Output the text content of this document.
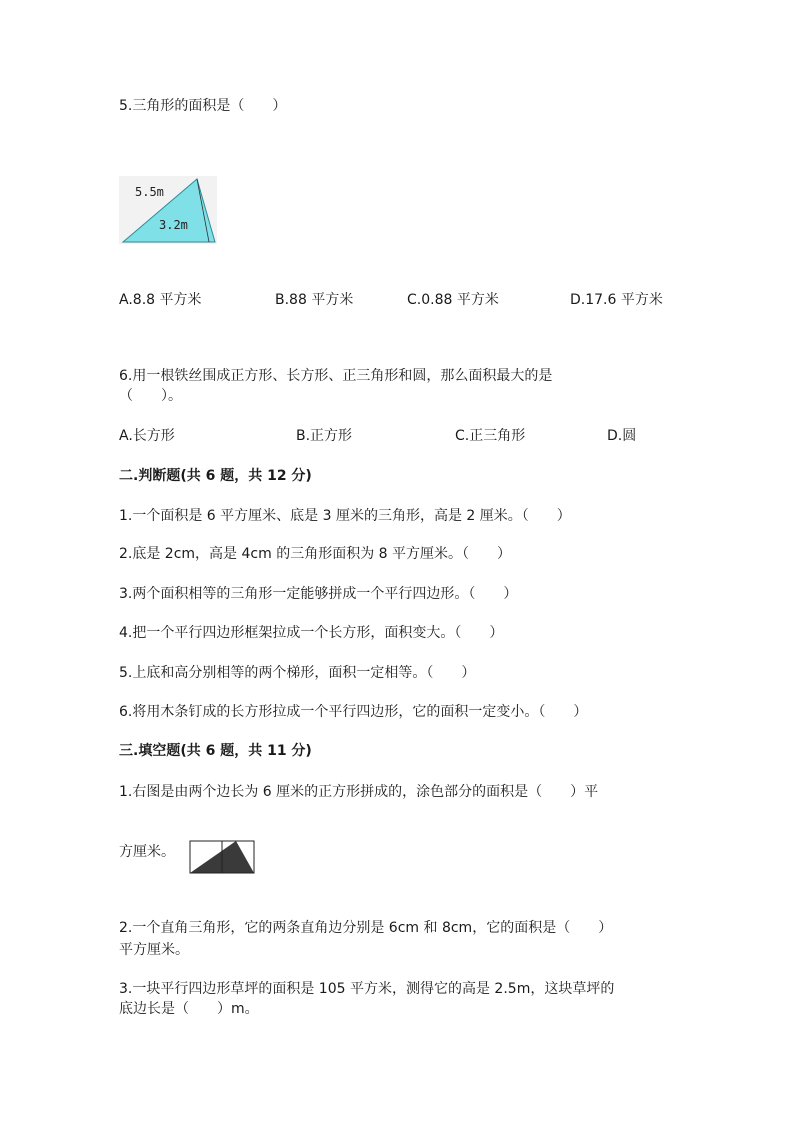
5.三角形的面积是（　　）
5.5m
3.2m
A.8.8 平方米	B.88 平方米	C.0.88 平方米	D.17.6 平方米
6.用一根铁丝围成正方形、长方形、正三角形和圆，那么面积最大的是
（　　）。
A.长方形	B.正方形	C.正三角形	D.圆
二.判断题(共 6 题，共 12 分)
1.一个面积是 6 平方厘米、底是 3 厘米的三角形，高是 2 厘米。（　　）
2.底是 2cm，高是 4cm 的三角形面积为 8 平方厘米。（　　）
3.两个面积相等的三角形一定能够拼成一个平行四边形。（　　）
4.把一个平行四边形框架拉成一个长方形，面积变大。（　　）
5.上底和高分别相等的两个梯形，面积一定相等。（　　）
6.将用木条钉成的长方形拉成一个平行四边形，它的面积一定变小。（　　）
三.填空题(共 6 题，共 11 分)
1.右图是由两个边长为 6 厘米的正方形拼成的，涂色部分的面积是（　　）平
方厘米。
2.一个直角三角形，它的两条直角边分别是 6cm 和 8cm，它的面积是（　　）
平方厘米。
3.一块平行四边形草坪的面积是 105 平方米，测得它的高是 2.5m，这块草坪的
底边长是（　　）m。
